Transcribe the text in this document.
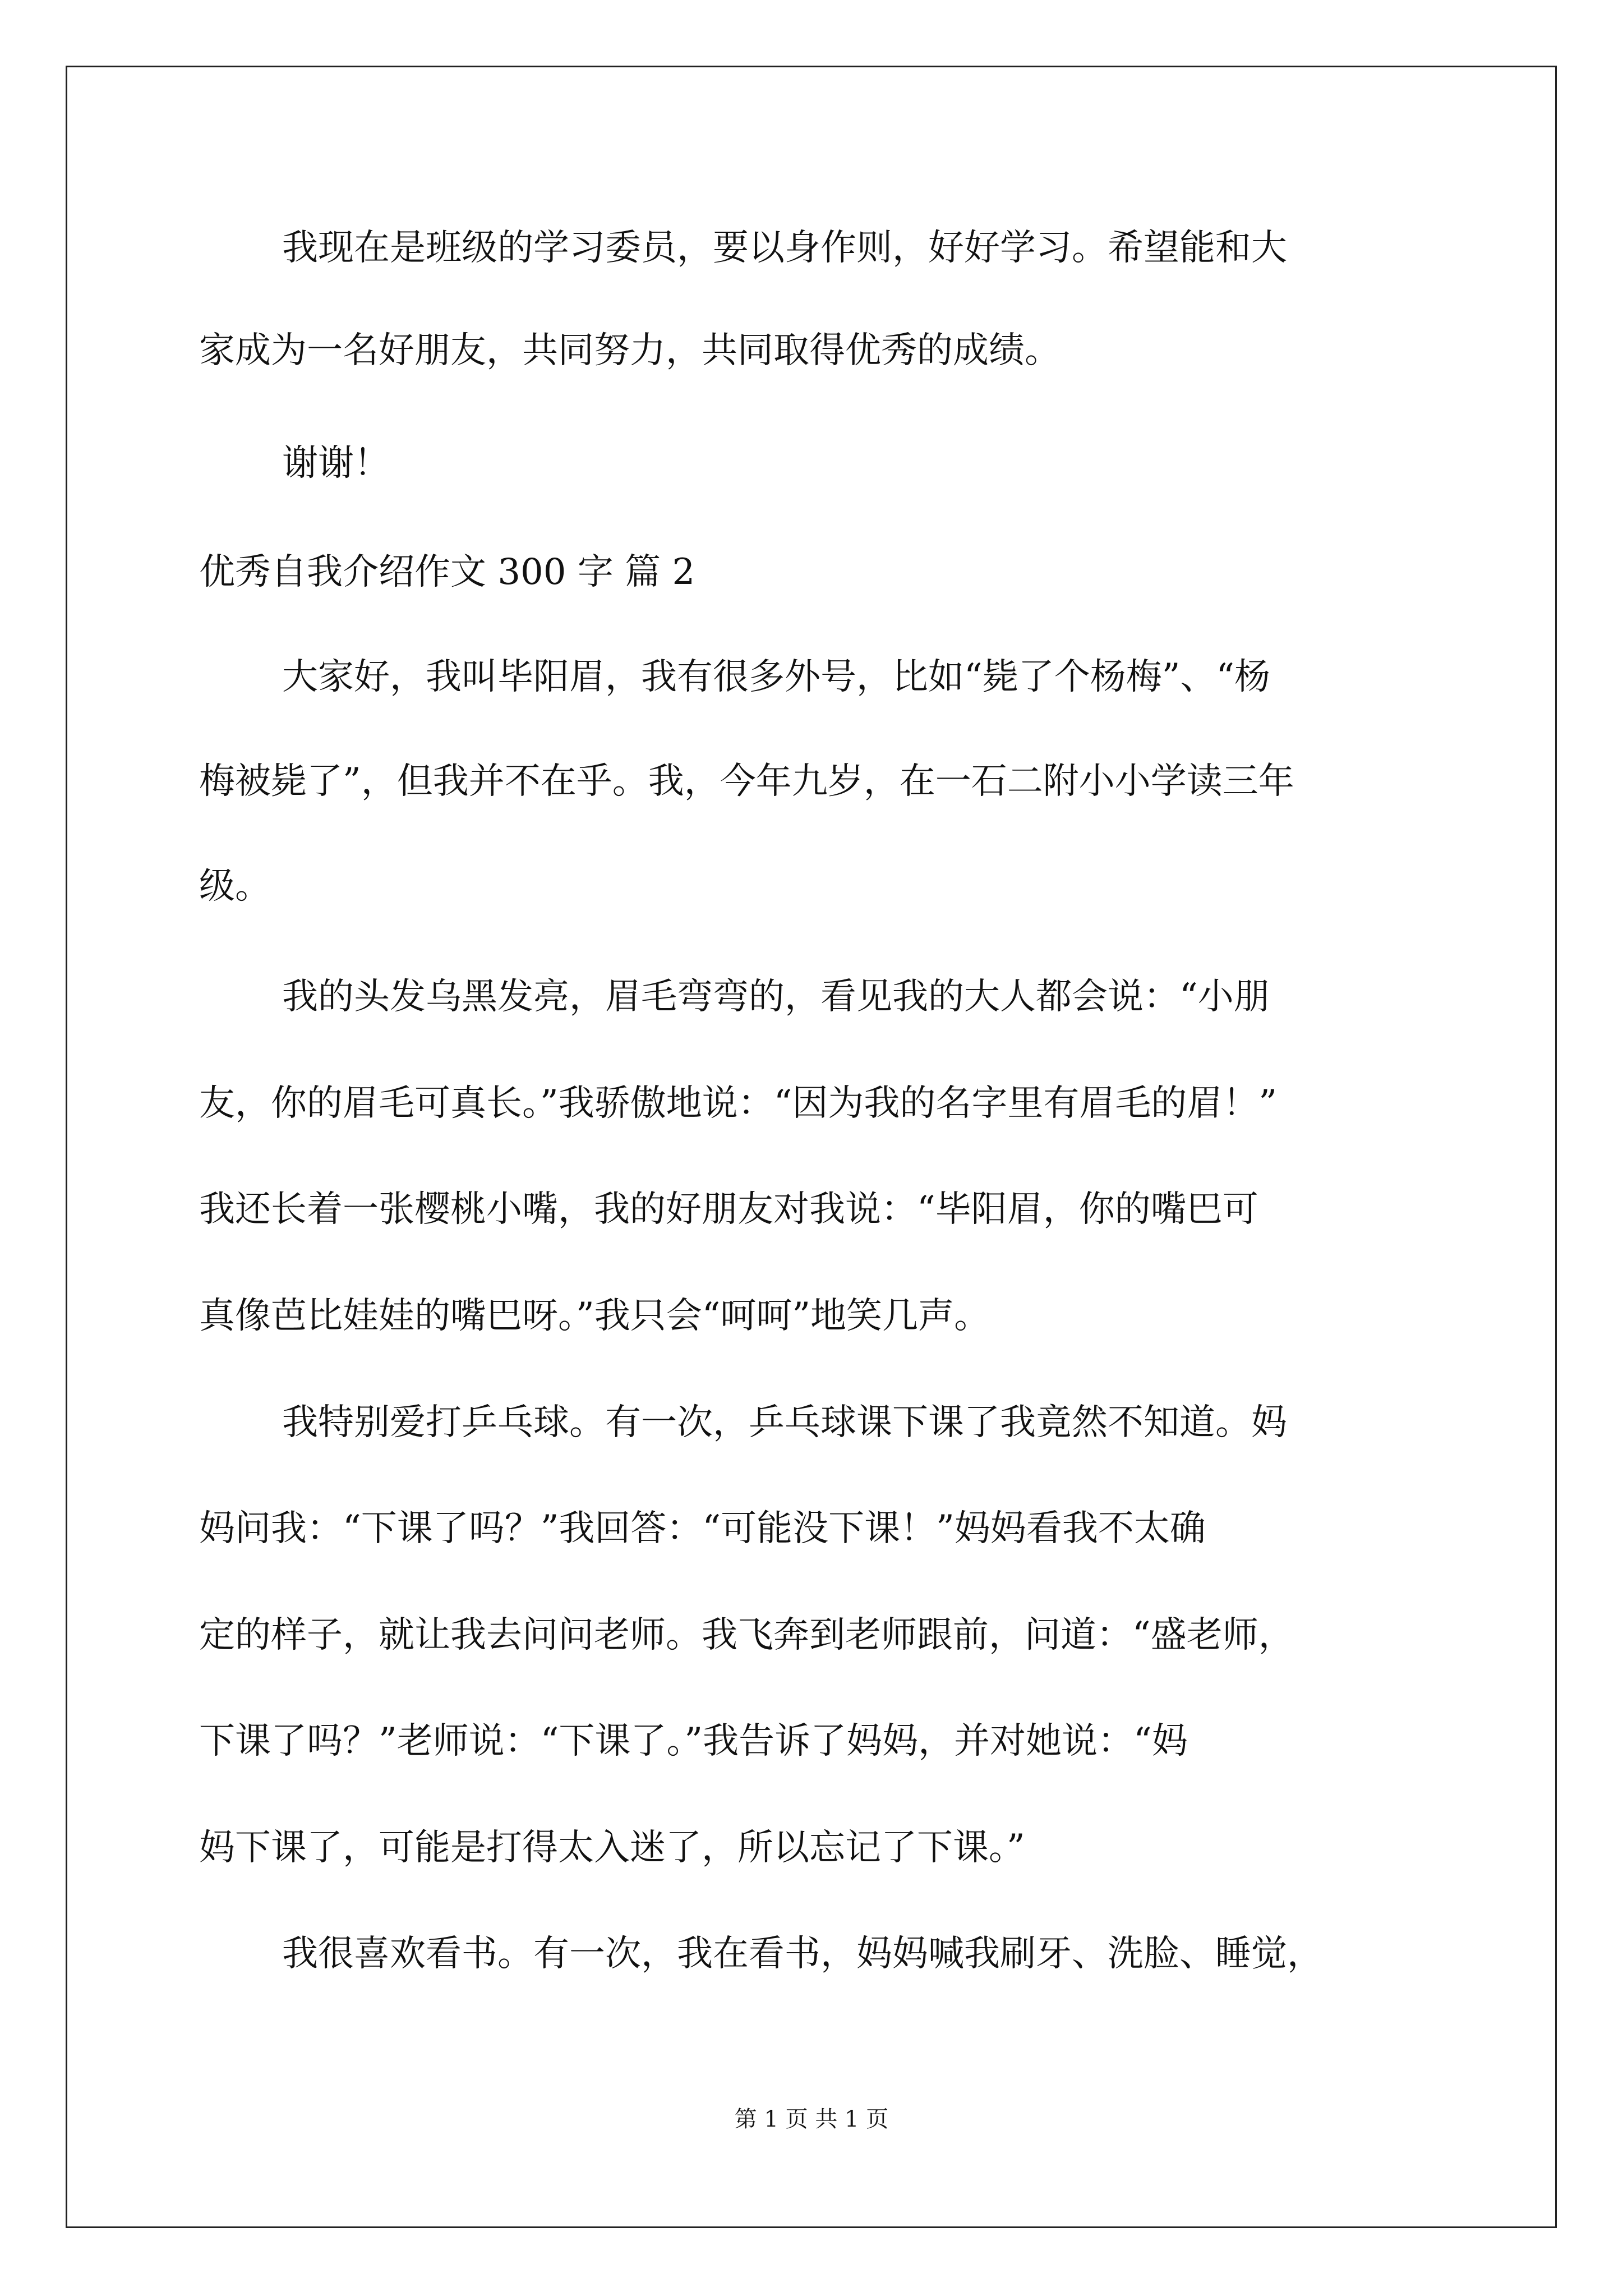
我现在是班级的学习委员，要以身作则，好好学习。希望能和大

家成为一名好朋友，共同努力，共同取得优秀的成绩。

谢谢！

优秀自我介绍作文 300 字 篇 2

大家好，我叫毕阳眉，我有很多外号，比如“毙了个杨梅”、“杨

梅被毙了”，但我并不在乎。我，今年九岁，在一石二附小小学读三年

级。

我的头发乌黑发亮，眉毛弯弯的，看见我的大人都会说：“小朋

友，你的眉毛可真长。”我骄傲地说：“因为我的名字里有眉毛的眉！”

我还长着一张樱桃小嘴，我的好朋友对我说：“毕阳眉，你的嘴巴可

真像芭比娃娃的嘴巴呀。”我只会“呵呵”地笑几声。

我特别爱打乒乓球。有一次，乒乓球课下课了我竟然不知道。妈

妈问我：“下课了吗？”我回答：“可能没下课！”妈妈看我不太确

定的样子，就让我去问问老师。我飞奔到老师跟前，问道：“盛老师，

下课了吗？”老师说：“下课了。”我告诉了妈妈，并对她说：“妈

妈下课了，可能是打得太入迷了，所以忘记了下课。”

我很喜欢看书。有一次，我在看书，妈妈喊我刷牙、洗脸、睡觉，

第 1 页 共 1 页
